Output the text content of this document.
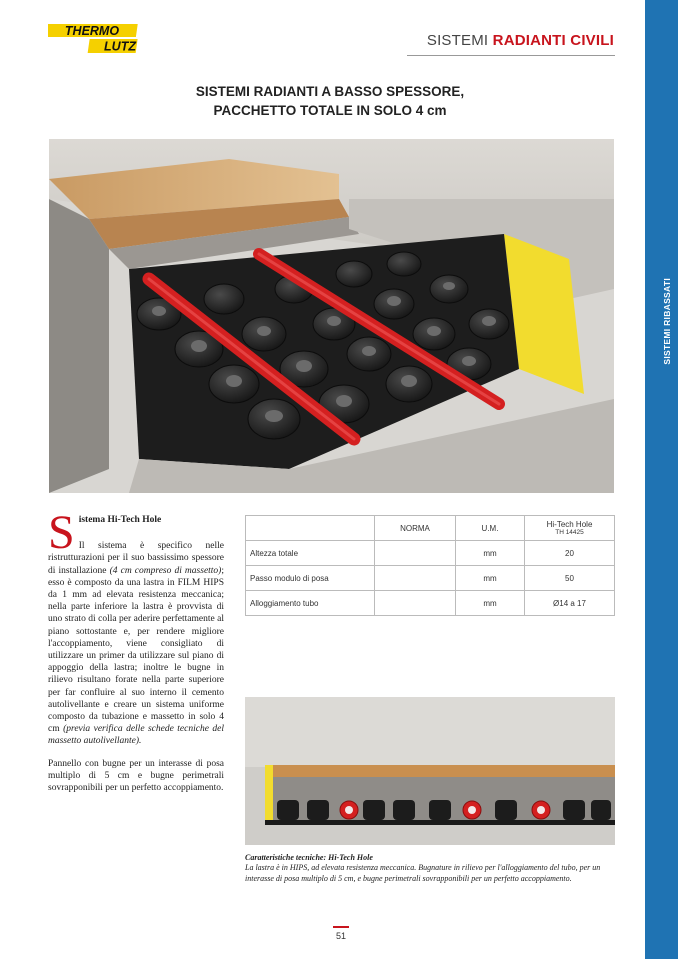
SISTEMI RIBASSATI
THERMO
LUTZ	SISTEMI RADIANTI CIVILI
SISTEMI RADIANTI A BASSO SPESSORE,
PACCHETTO TOTALE IN SOLO 4 cm
S istema Hi-Tech Hole

Il sistema è specifico nelle ristrutturazioni per il suo bassissimo spessore di installazione (4 cm compreso di massetto); esso è composto da una lastra in FILM HIPS da 1 mm ad elevata resistenza meccanica; nella parte inferiore la lastra è provvista di uno strato di colla per aderire perfettamente al piano sottostante e, per rendere migliore l'accoppiamento, viene consigliato di utilizzare un primer da utilizzare sul piano di appoggio della lastra; inoltre le bugne in rilievo risultano forate nella parte superiore per far confluire al suo interno il cemento autolivellante e creare un sistema uniforme composto da tubazione e massetto in solo 4 cm (previa verifica delle schede tecniche del massetto autolivellante).

Pannello con bugne per un interasse di posa multiplo di 5 cm e bugne perimetrali sovrapponibili per un perfetto accoppiamento.

	NORMA	U.M.	Hi-Tech Hole
TH 14425

Altezza totale		mm	20
Passo modulo di posa		mm	50
Alloggiamento tubo		mm	Ø14 a 17
Caratteristiche tecniche: Hi-Tech Hole
La lastra è in HIPS, ad elevata resistenza meccanica. Bugnature in rilievo per l'alloggiamento del tubo, per un interasse di posa multiplo di 5 cm, e bugne perimetrali sovrapponibili per un perfetto accoppiamento.
51
